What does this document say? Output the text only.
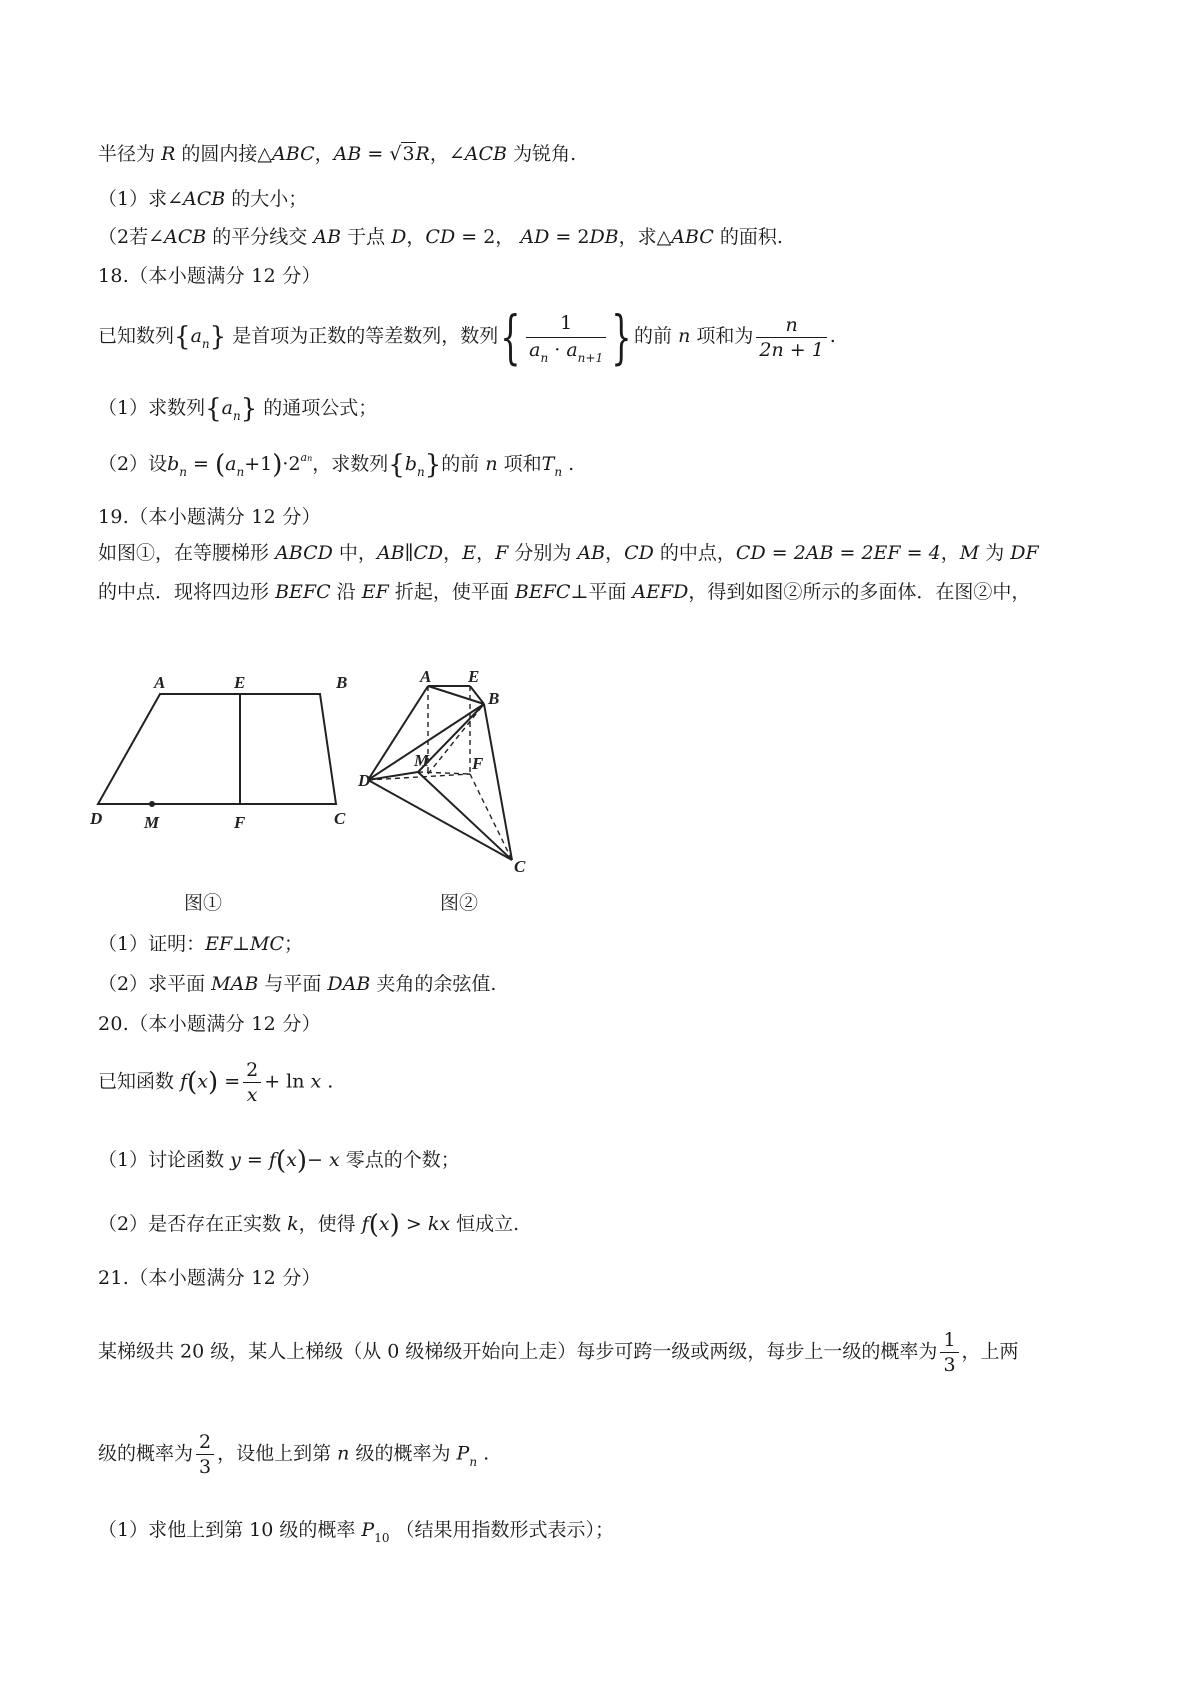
半径为 R 的圆内接△ABC，AB = √3R，∠ACB 为锐角.
（1）求∠ACB 的大小；
（2若∠ACB 的平分线交 AB 于点 D，CD = 2， AD = 2DB，求△ABC 的面积.
18.（本小题满分 12 分）
已知数列$\{a_n\}$ 是首项为正数的等差数列，数列{ $\frac{1}{a_n \cdot a_{n+1}}$ } 的前 n 项和为 $\frac{n}{2n + 1}$ .
（1）求数列$\{a_n\}$ 的通项公式；
（2）设$b_n = (a_n+1)\cdot 2^{an}$，求数列$\{b_n\}$的前 n 项和$T_n$ .
19.（本小题满分 12 分）
如图①，在等腰梯形 ABCD 中，AB∥CD，E，F 分别为 AB，CD 的中点，CD = 2AB = 2EF = 4，M 为 DF
的中点．现将四边形 BEFC 沿 EF 折起，使平面 BEFC⊥平面 AEFD，得到如图②所示的多面体．在图②中，
A	E	B
D M	F	C
A E
B
D
M	F
C
图①	图②
（1）证明：EF⊥MC；
（2）求平面 MAB 与平面 DAB 夹角的余弦值.
20.（本小题满分 12 分）
已知函数 $f(x) = \frac{2}{x} + \ln x$ .
（1）讨论函数 y = f(x)− x 零点的个数；
（2）是否存在正实数 k，使得 f(x) > kx 恒成立.
21.（本小题满分 12 分）
某梯级共 20 级，某人上梯级（从 0 级梯级开始向上走）每步可跨一级或两级，每步上一级的概率为 $\frac{1}{3}$ ，上两
级的概率为 $\frac{2}{3}$ ，设他上到第 n 级的概率为 $P_n$ .
（1）求他上到第 10 级的概率 $P_{10}$ （结果用指数形式表示）；
